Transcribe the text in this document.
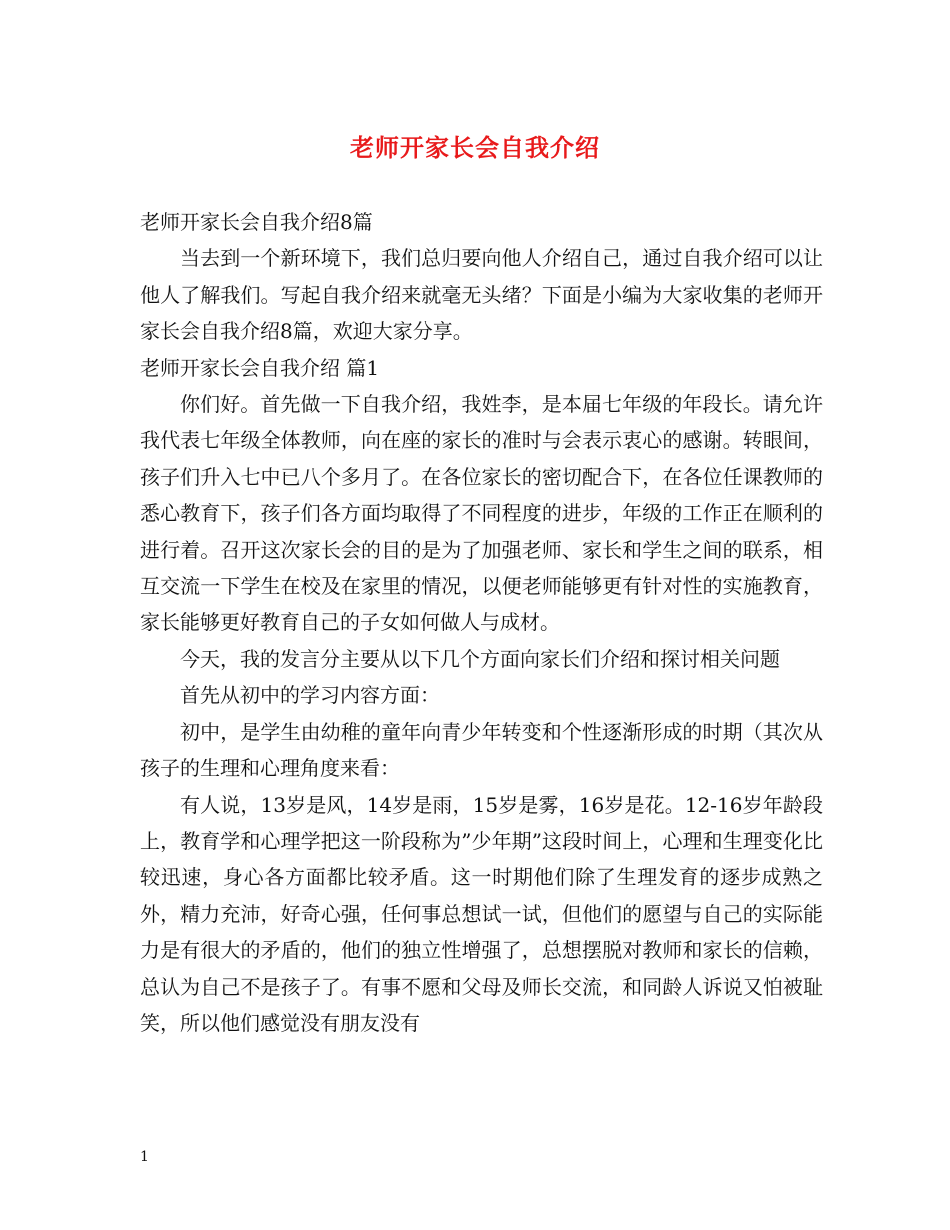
老师开家长会自我介绍

老师开家长会自我介绍8篇

当去到一个新环境下，我们总归要向他人介绍自己，通过自我介绍可以让他人了解我们。写起自我介绍来就毫无头绪？下面是小编为大家收集的老师开家长会自我介绍8篇，欢迎大家分享。

老师开家长会自我介绍 篇1

你们好。首先做一下自我介绍，我姓李，是本届七年级的年段长。请允许我代表七年级全体教师，向在座的家长的准时与会表示衷心的感谢。转眼间，孩子们升入七中已八个多月了。在各位家长的密切配合下，在各位任课教师的悉心教育下，孩子们各方面均取得了不同程度的进步，年级的工作正在顺利的进行着。召开这次家长会的目的是为了加强老师、家长和学生之间的联系，相互交流一下学生在校及在家里的情况，以便老师能够更有针对性的实施教育，家长能够更好教育自己的子女如何做人与成材。

今天，我的发言分主要从以下几个方面向家长们介绍和探讨相关问题

首先从初中的学习内容方面：

初中，是学生由幼稚的童年向青少年转变和个性逐渐形成的时期（其次从孩子的生理和心理角度来看：

有人说，13岁是风，14岁是雨，15岁是雾，16岁是花。12-16岁年龄段上，教育学和心理学把这一阶段称为”少年期”这段时间上，心理和生理变化比较迅速，身心各方面都比较矛盾。这一时期他们除了生理发育的逐步成熟之外，精力充沛，好奇心强，任何事总想试一试，但他们的愿望与自己的实际能力是有很大的矛盾的，他们的独立性增强了，总想摆脱对教师和家长的信赖，总认为自己不是孩子了。有事不愿和父母及师长交流，和同龄人诉说又怕被耻笑，所以他们感觉没有朋友没有

1
